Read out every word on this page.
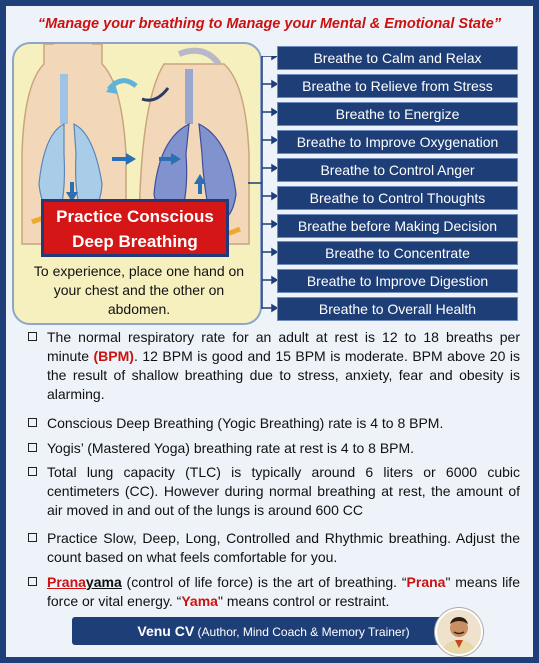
“Manage your breathing to Manage your Mental & Emotional State”
Practice Conscious
Deep Breathing
To experience, place one hand on your chest and the other on abdomen.
Breathe to Calm and Relax
Breathe to Relieve from Stress
Breathe to Energize
Breathe to Improve Oxygenation
Breathe to Control Anger
Breathe to Control Thoughts
Breathe before Making Decision
Breathe to Concentrate
Breathe to Improve Digestion
Breathe to Overall Health
The normal respiratory rate for an adult at rest is 12 to 18 breaths per minute (BPM). 12 BPM is good and 15 BPM is moderate. BPM above 20 is the result of shallow breathing due to stress, anxiety, fear and obesity is alarming.
Conscious Deep Breathing (Yogic Breathing) rate is 4 to 8 BPM.
Yogis’ (Mastered Yoga) breathing rate at rest is 4 to 8 BPM.
Total lung capacity (TLC) is typically around 6 liters or 6000 cubic centimeters (CC). However during normal breathing at rest, the amount of air moved in and out of the lungs is around 600 CC
Practice Slow, Deep, Long, Controlled and Rhythmic breathing. Adjust the count based on what feels comfortable for you.
Pranayama (control of life force) is the art of breathing. “Prana" means life force or vital energy. “Yama" means control or restraint.
Venu CV (Author, Mind Coach & Memory Trainer)
